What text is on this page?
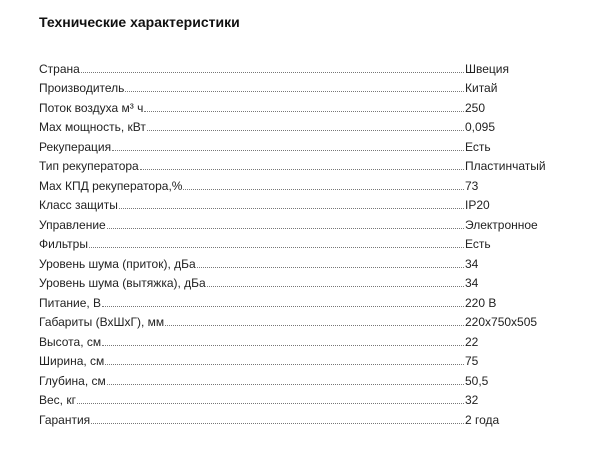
Технические характеристики
Страна	Швеция
Производитель	Китай
Поток воздуха м³ ч	250
Max мощность, кВт	0,095
Рекуперация	Есть
Тип рекуператора	Пластинчатый
Max КПД рекуператора,%	73
Класс защиты	IP20
Управление	Электронное
Фильтры	Есть
Уровень шума (приток), дБа	34
Уровень шума (вытяжка), дБа	34
Питание, В	220 В
Габариты (ВхШхГ), мм	220x750x505
Высота, см	22
Ширина, см	75
Глубина, см	50,5
Вес, кг	32
Гарантия	2 года
